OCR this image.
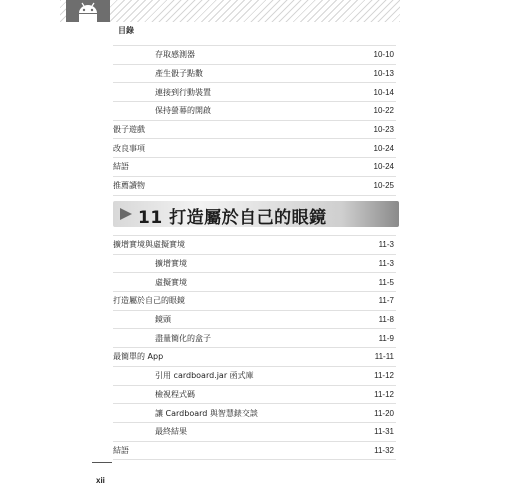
目錄
存取感測器	10-10
產生骰子點數	10-13
連接到行動裝置	10-14
保持螢幕的開啟	10-22
骰子遊戲	10-23
改良事項	10-24
結語	10-24
推薦讀物	10-25
11 打造屬於自己的眼鏡
擴增實境與虛擬實境	11-3
擴增實境	11-3
虛擬實境	11-5
打造屬於自己的眼鏡	11-7
鏡頭	11-8
盡量簡化的盒子	11-9
最簡單的 App	11-11
引用 cardboard.jar 函式庫	11-12
檢視程式碼	11-12
讓 Cardboard 與智慧錶交談	11-20
最終結果	11-31
結語	11-32
xii
